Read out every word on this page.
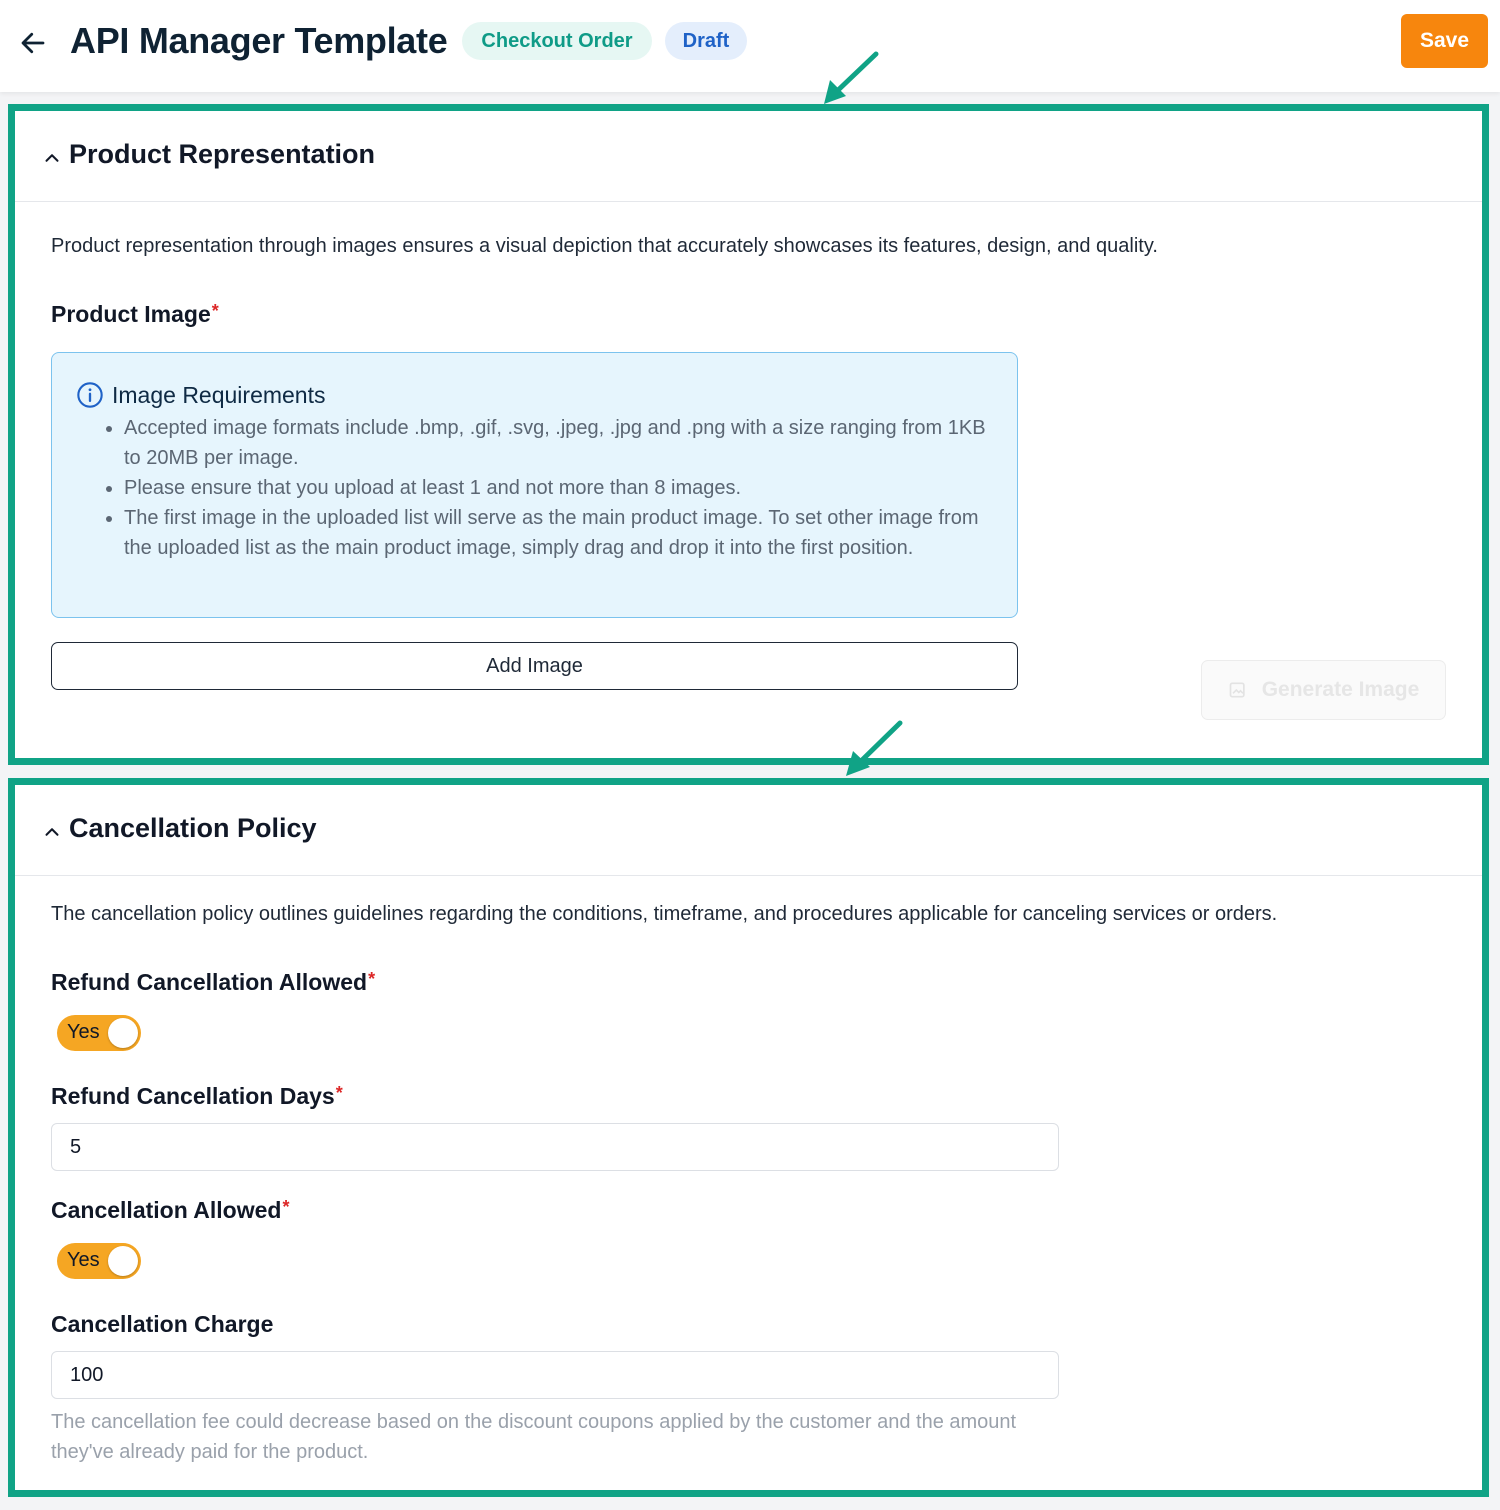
API Manager Template	Checkout Order	Draft	Save
Product Representation
Product representation through images ensures a visual depiction that accurately showcases its features, design, and quality.
Product Image*
Image Requirements
• Accepted image formats include .bmp, .gif, .svg, .jpeg, .jpg and .png with a size ranging from 1KB to 20MB per image.
• Please ensure that you upload at least 1 and not more than 8 images.
• The first image in the uploaded list will serve as the main product image. To set other image from the uploaded list as the main product image, simply drag and drop it into the first position.
Add Image
Generate Image
Cancellation Policy
The cancellation policy outlines guidelines regarding the conditions, timeframe, and procedures applicable for canceling services or orders.
Refund Cancellation Allowed*
Yes
Refund Cancellation Days*
5
Cancellation Allowed*
Yes
Cancellation Charge
100
The cancellation fee could decrease based on the discount coupons applied by the customer and the amount they've already paid for the product.
